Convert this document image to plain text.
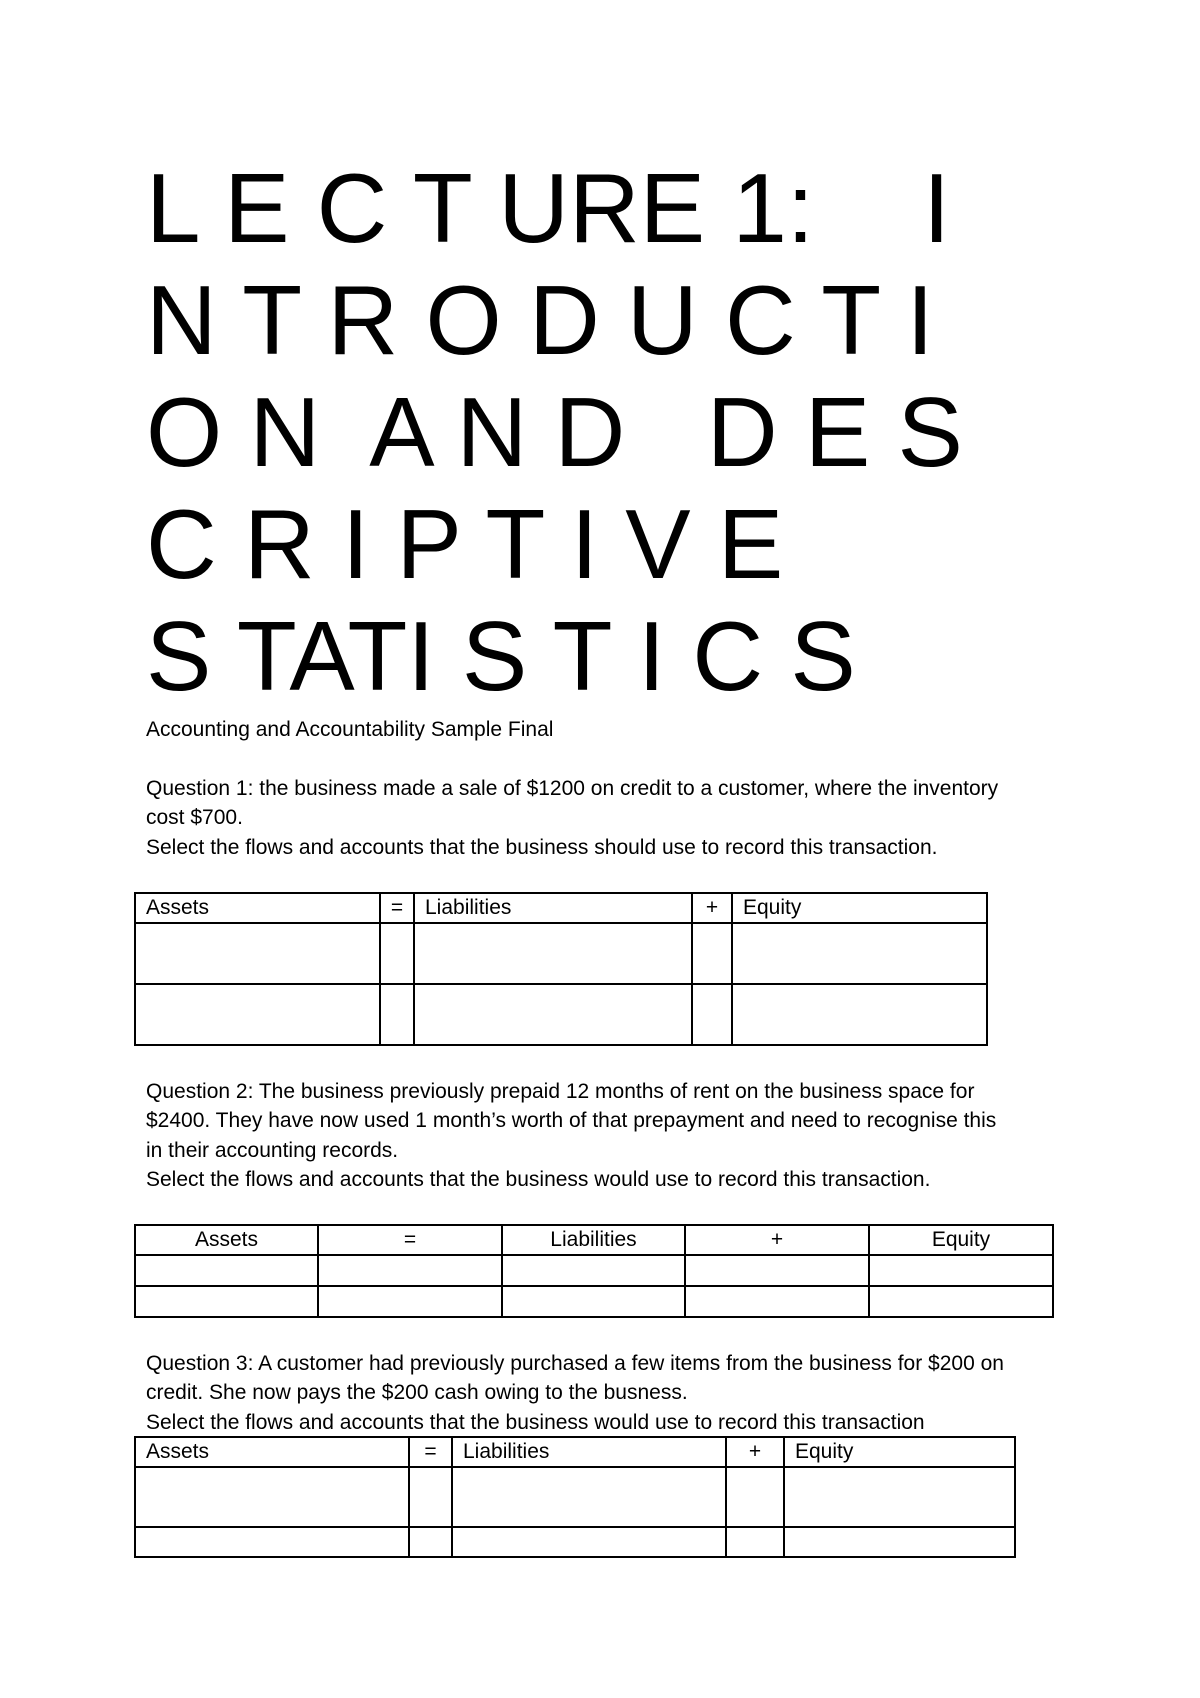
L E C T URE 1:    I
N T R O D U C T I
O N  A N D   D E S
C R I P T I V E
S TATI S T I C S
Accounting and Accountability Sample Final
Question 1: the business made a sale of $1200 on credit to a customer, where the inventory
cost $700.
Select the flows and accounts that the business should use to record this transaction.
Assets	=	Liabilities	+	Equity

Question 2: The business previously prepaid 12 months of rent on the business space for
$2400. They have now used 1 month’s worth of that prepayment and need to recognise this
in their accounting records.
Select the flows and accounts that the business would use to record this transaction.
Assets	=	Liabilities	+	Equity

Question 3: A customer had previously purchased a few items from the business for $200 on
credit. She now pays the $200 cash owing to the busness.
Select the flows and accounts that the business would use to record this transaction
Assets	=	Liabilities	+	Equity
